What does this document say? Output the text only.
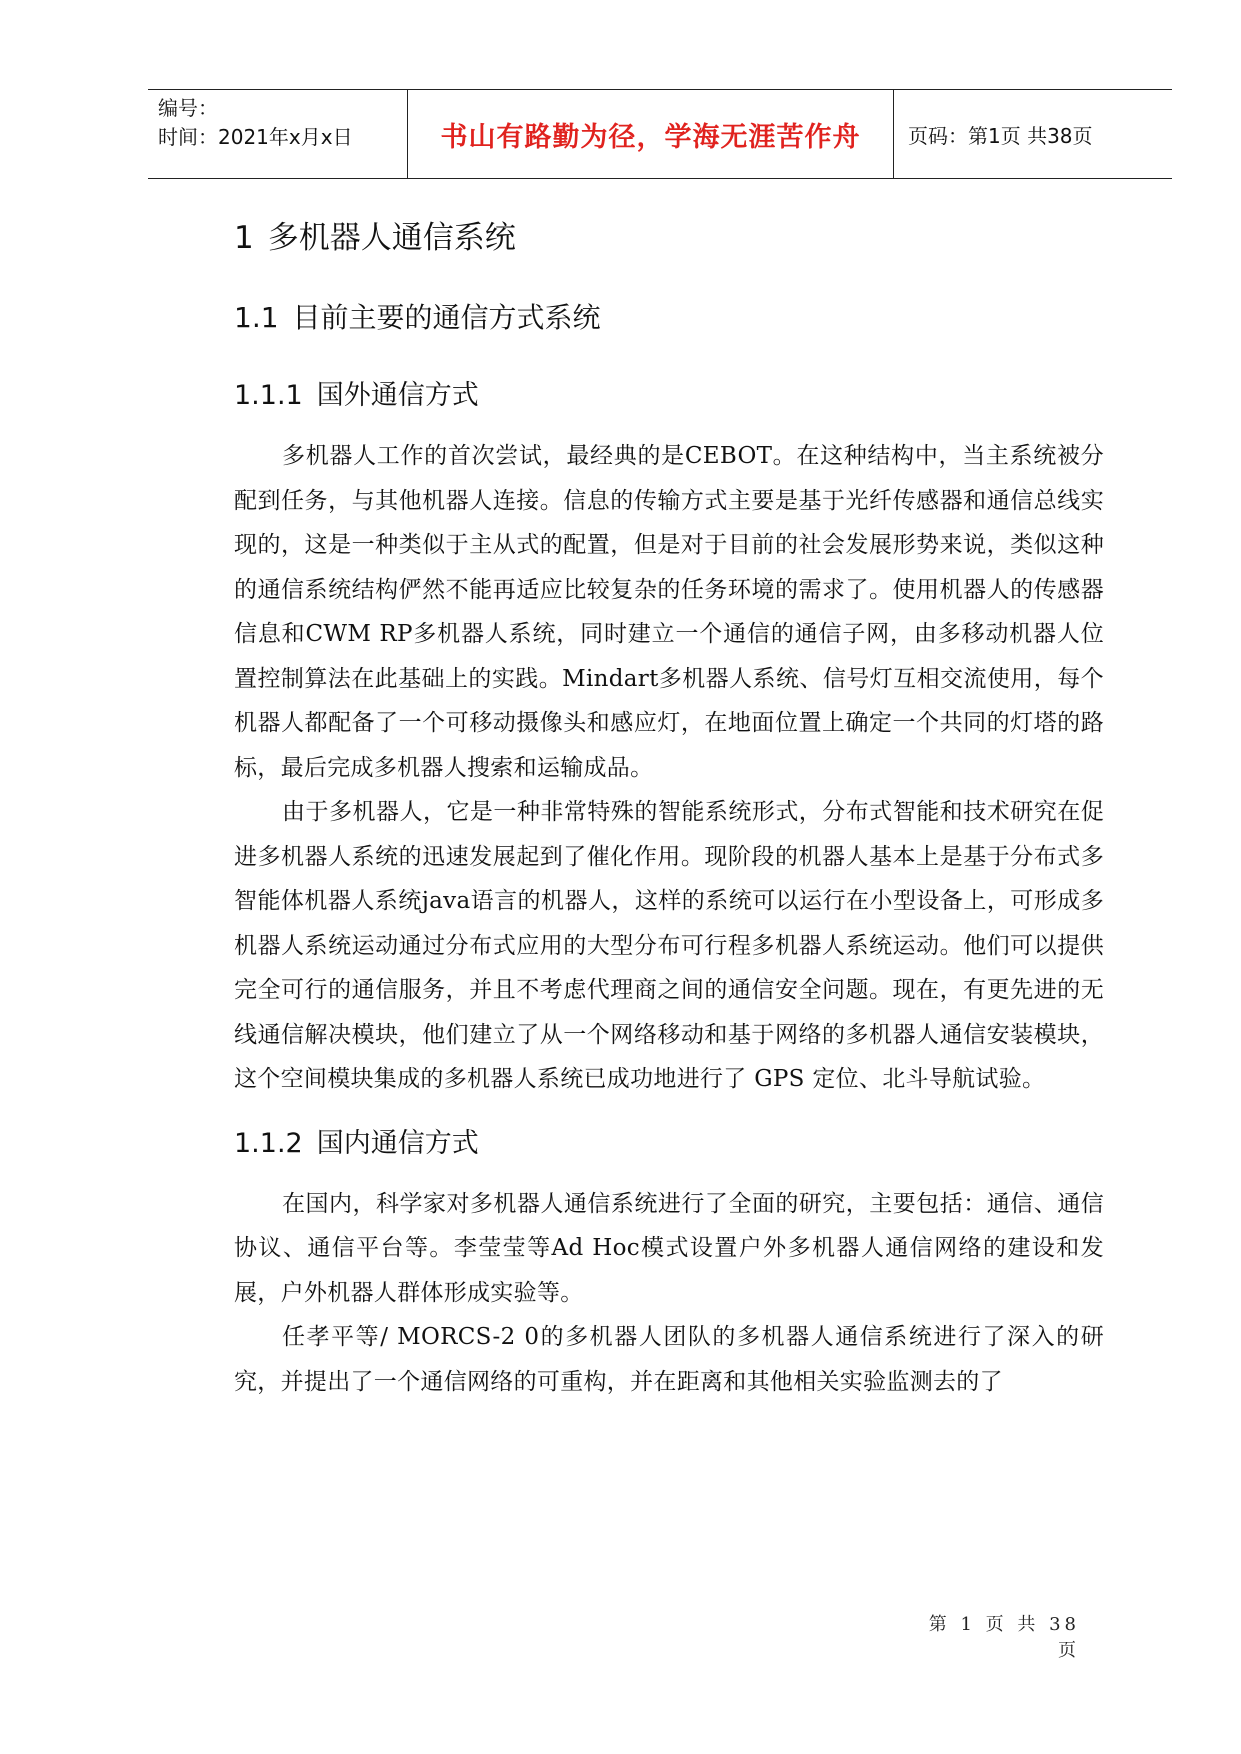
编号：
时间：2021年x月x日	书山有路勤为径，学海无涯苦作舟 页码：第1页 共38页
1 多机器人通信系统
1.1 目前主要的通信方式系统
1.1.1 国外通信方式

多机器人工作的首次尝试，最经典的是CEBOT。在这种结构中，当主系统被分配到任务，与其他机器人连接。信息的传输方式主要是基于光纤传感器和通信总线实现的，这是一种类似于主从式的配置，但是对于目前的社会发展形势来说，类似这种的通信系统结构俨然不能再适应比较复杂的任务环境的需求了。使用机器人的传感器信息和CWM RP多机器人系统，同时建立一个通信的通信子网，由多移动机器人位置控制算法在此基础上的实践。Mindart多机器人系统、信号灯互相交流使用，每个机器人都配备了一个可移动摄像头和感应灯，在地面位置上确定一个共同的灯塔的路标，最后完成多机器人搜索和运输成品。

由于多机器人，它是一种非常特殊的智能系统形式，分布式智能和技术研究在促进多机器人系统的迅速发展起到了催化作用。现阶段的机器人基本上是基于分布式多智能体机器人系统java语言的机器人，这样的系统可以运行在小型设备上，可形成多机器人系统运动通过分布式应用的大型分布可行程多机器人系统运动。他们可以提供完全可行的通信服务，并且不考虑代理商之间的通信安全问题。现在，有更先进的无线通信解决模块，他们建立了从一个网络移动和基于网络的多机器人通信安装模块，这个空间模块集成的多机器人系统已成功地进行了 GPS 定位、北斗导航试验。

1.1.2 国内通信方式

在国内，科学家对多机器人通信系统进行了全面的研究，主要包括：通信、通信协议、通信平台等。李莹莹等Ad Hoc模式设置户外多机器人通信网络的建设和发展，户外机器人群体形成实验等。

任孝平等/ MORCS-2 0的多机器人团队的多机器人通信系统进行了深入的研究，并提出了一个通信网络的可重构，并在距离和其他相关实验监测去的了

第 1 页 共 38 页
